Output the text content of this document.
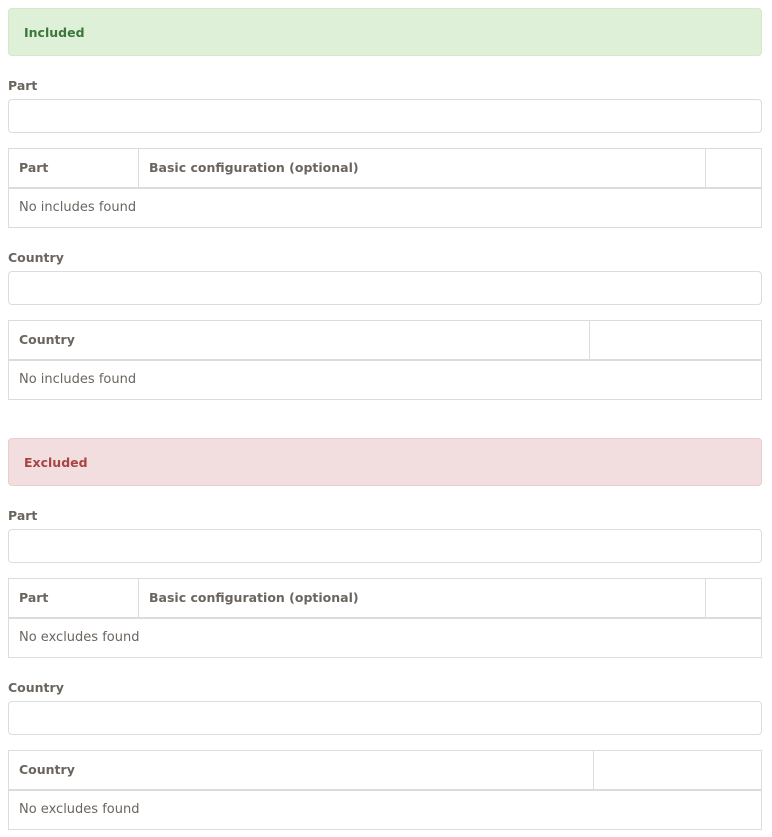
Included
Part
Part	Basic configuration (optional)
No includes found
Country
Country
No includes found
Excluded
Part
Part	Basic configuration (optional)
No excludes found
Country
Country
No excludes found
